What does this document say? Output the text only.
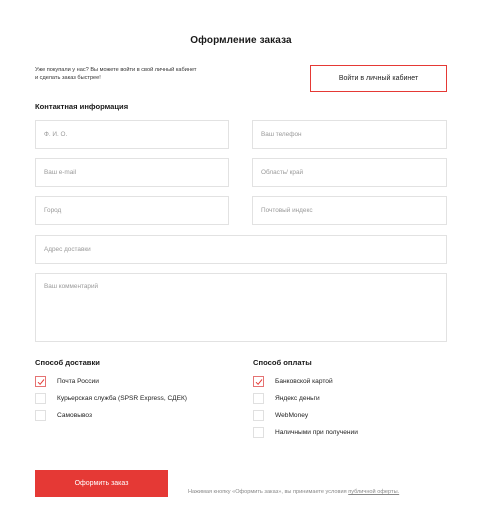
Оформление заказа
Уже покупали у нас? Вы можете войти в свой личный кабинет
и сделать заказ быстрее!	Войти в личный кабинет
Контактная информация
Ф. И. О.
Ваш телефон
Ваш e-mail
Область/ край
Город
Почтовый индекс
Адрес доставки
Ваш комментарий
Способ доставки	Способ оплаты
Почта России
Курьерская служба (SPSR Express, СДЕК)
Самовывоз
Банковской картой
Яндекс деньги
WebMoney
Наличными при получении
Оформить заказ
Нажимая кнопку «Оформить заказ», вы принимаете условия публичной оферты.
